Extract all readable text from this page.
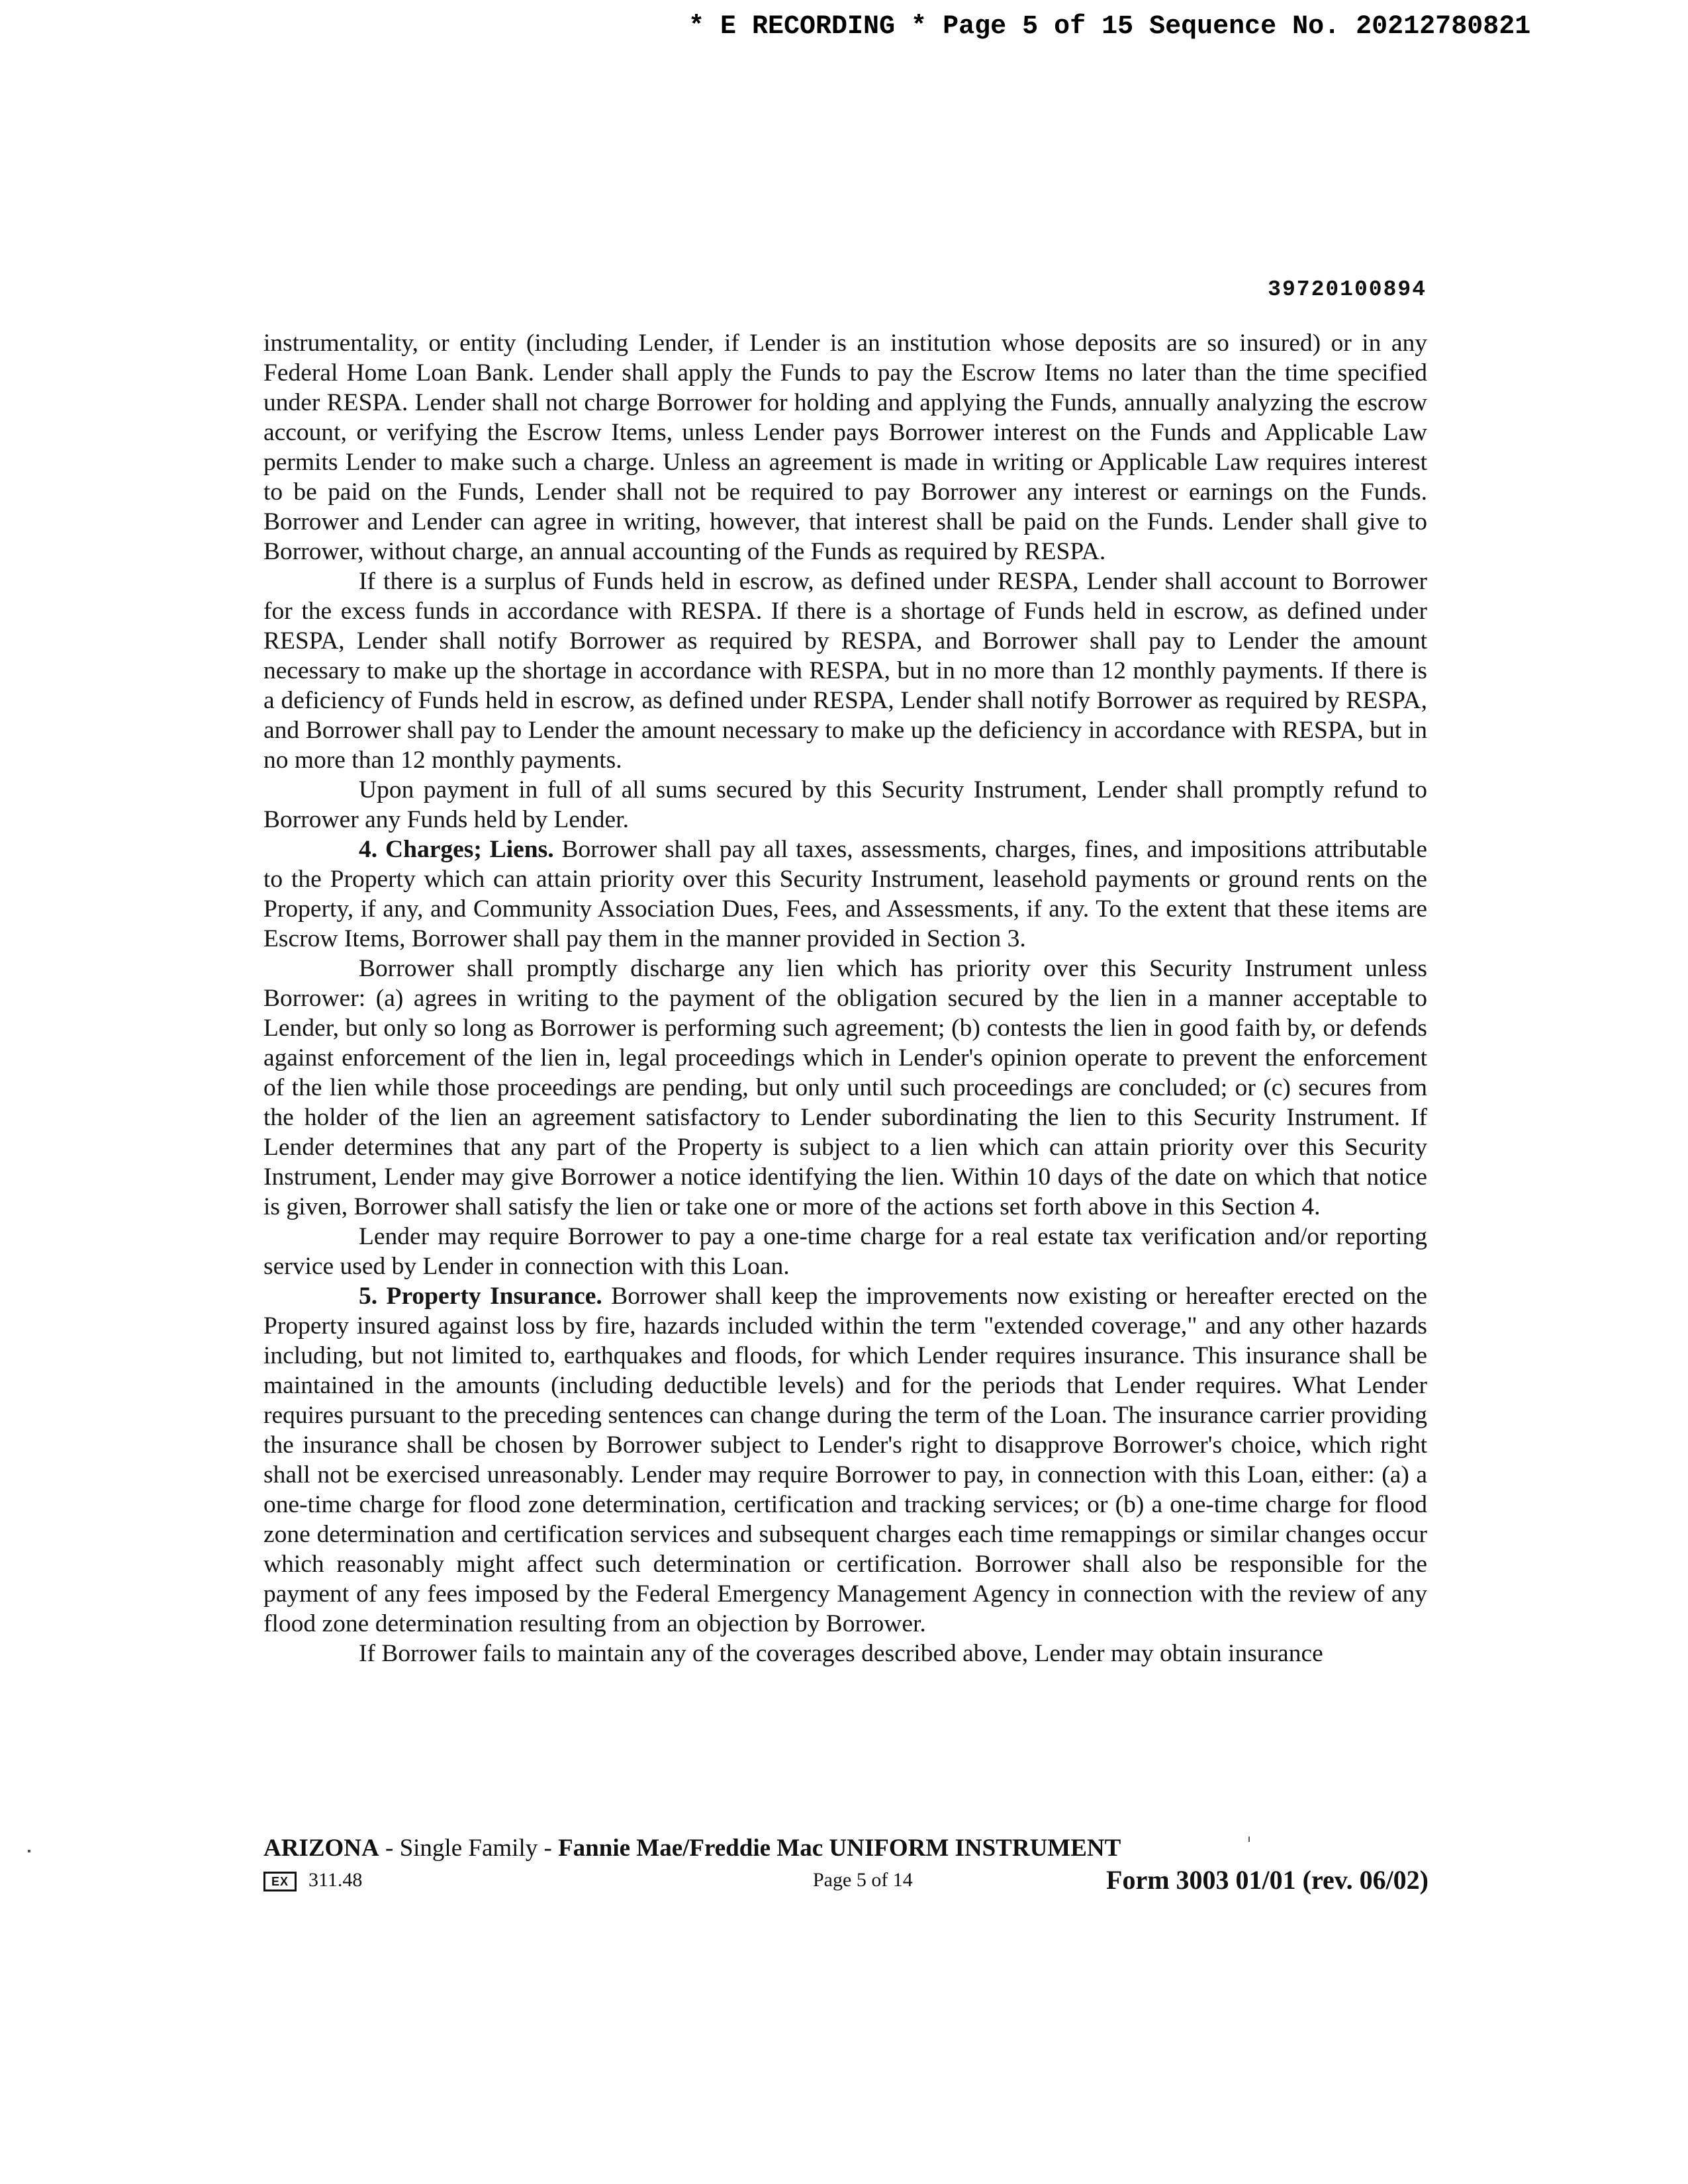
* E RECORDING * Page 5 of 15 Sequence No. 20212780821
39720100894

instrumentality, or entity (including Lender, if Lender is an institution whose deposits are so insured) or in any Federal Home Loan Bank. Lender shall apply the Funds to pay the Escrow Items no later than the time specified under RESPA. Lender shall not charge Borrower for holding and applying the Funds, annually analyzing the escrow account, or verifying the Escrow Items, unless Lender pays Borrower interest on the Funds and Applicable Law permits Lender to make such a charge. Unless an agreement is made in writing or Applicable Law requires interest to be paid on the Funds, Lender shall not be required to pay Borrower any interest or earnings on the Funds. Borrower and Lender can agree in writing, however, that interest shall be paid on the Funds. Lender shall give to Borrower, without charge, an annual accounting of the Funds as required by RESPA.

If there is a surplus of Funds held in escrow, as defined under RESPA, Lender shall account to Borrower for the excess funds in accordance with RESPA. If there is a shortage of Funds held in escrow, as defined under RESPA, Lender shall notify Borrower as required by RESPA, and Borrower shall pay to Lender the amount necessary to make up the shortage in accordance with RESPA, but in no more than 12 monthly payments. If there is a deficiency of Funds held in escrow, as defined under RESPA, Lender shall notify Borrower as required by RESPA, and Borrower shall pay to Lender the amount necessary to make up the deficiency in accordance with RESPA, but in no more than 12 monthly payments.

Upon payment in full of all sums secured by this Security Instrument, Lender shall promptly refund to Borrower any Funds held by Lender.

4. Charges; Liens. Borrower shall pay all taxes, assessments, charges, fines, and impositions attributable to the Property which can attain priority over this Security Instrument, leasehold payments or ground rents on the Property, if any, and Community Association Dues, Fees, and Assessments, if any. To the extent that these items are Escrow Items, Borrower shall pay them in the manner provided in Section 3.

Borrower shall promptly discharge any lien which has priority over this Security Instrument unless Borrower: (a) agrees in writing to the payment of the obligation secured by the lien in a manner acceptable to Lender, but only so long as Borrower is performing such agreement; (b) contests the lien in good faith by, or defends against enforcement of the lien in, legal proceedings which in Lender's opinion operate to prevent the enforcement of the lien while those proceedings are pending, but only until such proceedings are concluded; or (c) secures from the holder of the lien an agreement satisfactory to Lender subordinating the lien to this Security Instrument. If Lender determines that any part of the Property is subject to a lien which can attain priority over this Security Instrument, Lender may give Borrower a notice identifying the lien. Within 10 days of the date on which that notice is given, Borrower shall satisfy the lien or take one or more of the actions set forth above in this Section 4.

Lender may require Borrower to pay a one-time charge for a real estate tax verification and/or reporting service used by Lender in connection with this Loan.

5. Property Insurance. Borrower shall keep the improvements now existing or hereafter erected on the Property insured against loss by fire, hazards included within the term "extended coverage," and any other hazards including, but not limited to, earthquakes and floods, for which Lender requires insurance. This insurance shall be maintained in the amounts (including deductible levels) and for the periods that Lender requires. What Lender requires pursuant to the preceding sentences can change during the term of the Loan. The insurance carrier providing the insurance shall be chosen by Borrower subject to Lender's right to disapprove Borrower's choice, which right shall not be exercised unreasonably. Lender may require Borrower to pay, in connection with this Loan, either: (a) a one-time charge for flood zone determination, certification and tracking services; or (b) a one-time charge for flood zone determination and certification services and subsequent charges each time remappings or similar changes occur which reasonably might affect such determination or certification. Borrower shall also be responsible for the payment of any fees imposed by the Federal Emergency Management Agency in connection with the review of any flood zone determination resulting from an objection by Borrower.

If Borrower fails to maintain any of the coverages described above, Lender may obtain insurance

ARIZONA - Single Family - Fannie Mae/Freddie Mac UNIFORM INSTRUMENT
EX	311.48	Page 5 of 14	Form 3003 01/01 (rev. 06/02)
